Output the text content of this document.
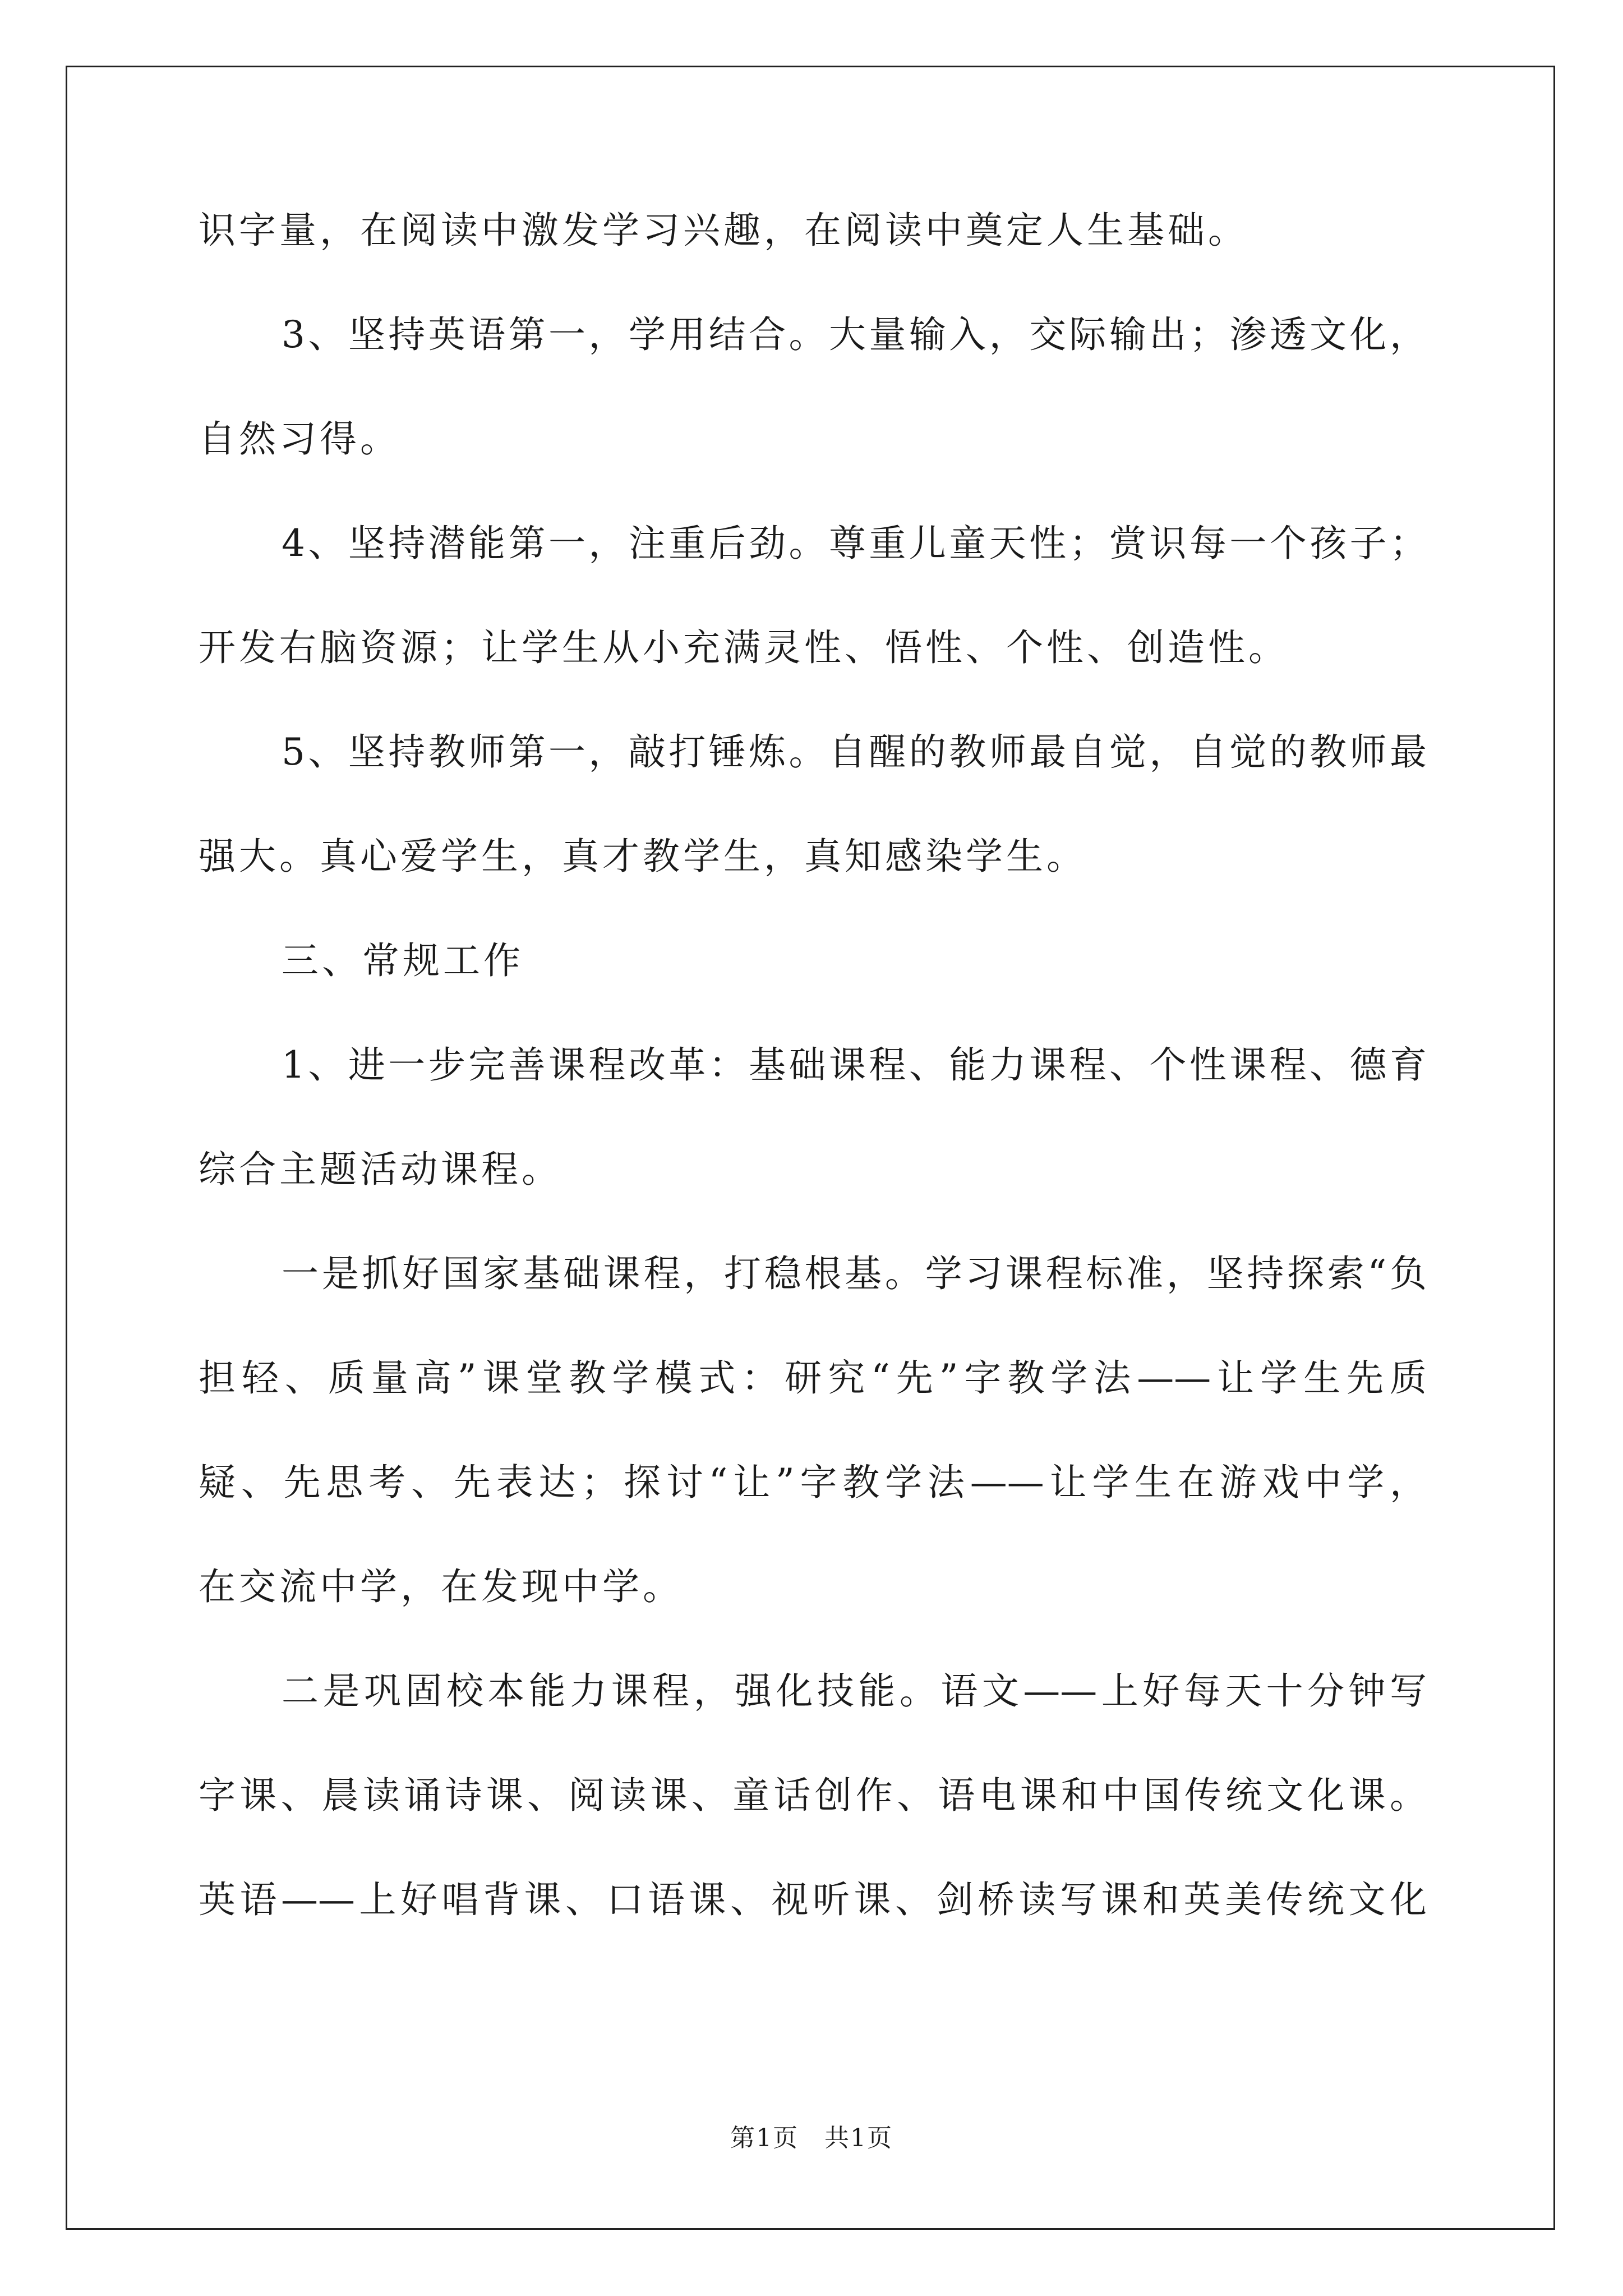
识字量，在阅读中激发学习兴趣，在阅读中奠定人生基础。
3、坚持英语第一，学用结合。大量输入，交际输出；渗透文化，
自然习得。
4、坚持潜能第一，注重后劲。尊重儿童天性；赏识每一个孩子；
开发右脑资源；让学生从小充满灵性、悟性、个性、创造性。
5、坚持教师第一，敲打锤炼。自醒的教师最自觉，自觉的教师最
强大。真心爱学生，真才教学生，真知感染学生。
三、常规工作
1、进一步完善课程改革：基础课程、能力课程、个性课程、德育
综合主题活动课程。
一是抓好国家基础课程，打稳根基。学习课程标准，坚持探索“负
担轻、质量高”课堂教学模式：研究“先”字教学法——让学生先质
疑、先思考、先表达；探讨“让”字教学法——让学生在游戏中学，
在交流中学，在发现中学。
二是巩固校本能力课程，强化技能。语文——上好每天十分钟写
字课、晨读诵诗课、阅读课、童话创作、语电课和中国传统文化课。
英语——上好唱背课、口语课、视听课、剑桥读写课和英美传统文化
第1页　共1页
